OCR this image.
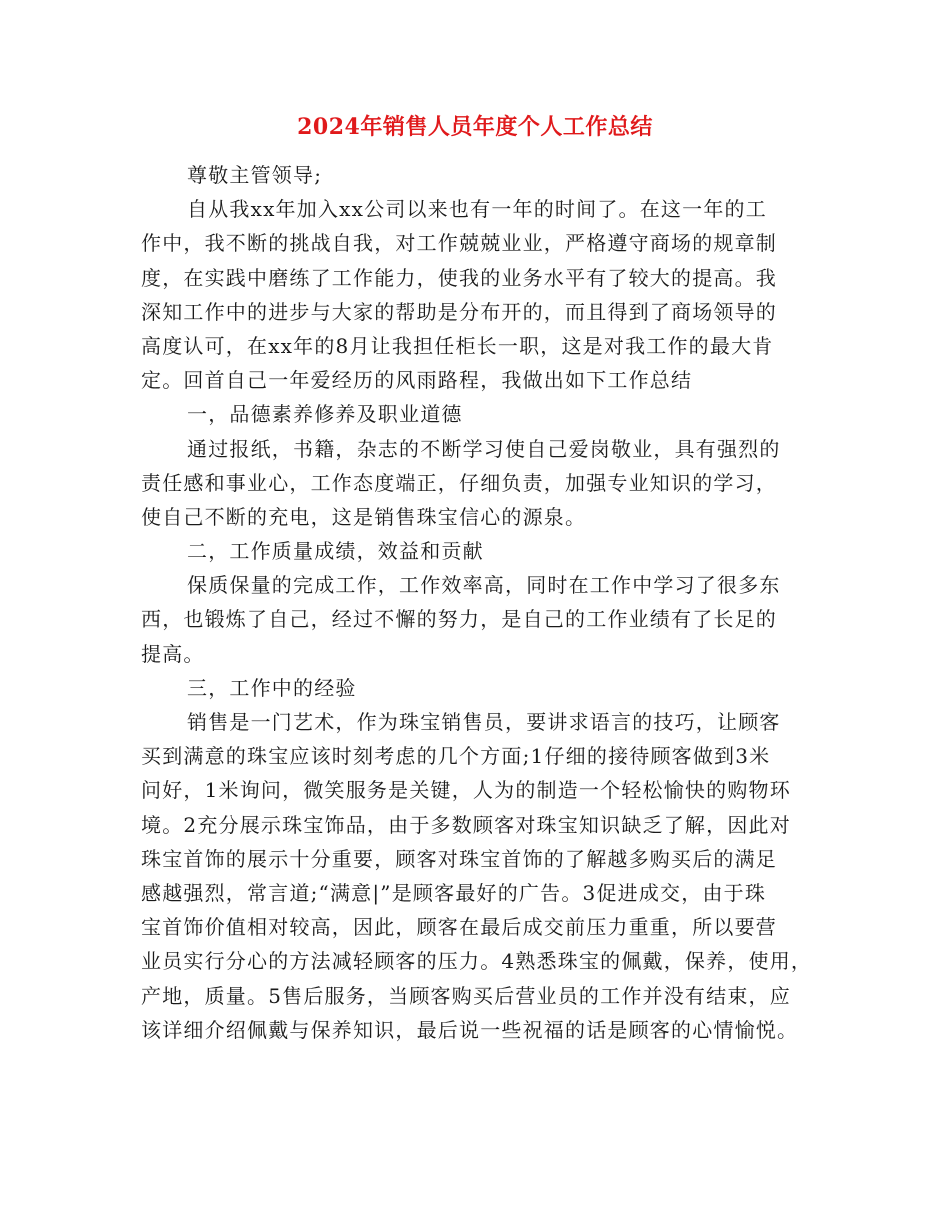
2024年销售人员年度个人工作总结
尊敬主管领导;
自从我xx年加入xx公司以来也有一年的时间了。在这一年的工
作中，我不断的挑战自我，对工作兢兢业业，严格遵守商场的规章制
度，在实践中磨练了工作能力，使我的业务水平有了较大的提高。我
深知工作中的进步与大家的帮助是分布开的，而且得到了商场领导的
高度认可，在xx年的8月让我担任柜长一职，这是对我工作的最大肯
定。回首自己一年爱经历的风雨路程，我做出如下工作总结
一，品德素养修养及职业道德
通过报纸，书籍，杂志的不断学习使自己爱岗敬业，具有强烈的
责任感和事业心，工作态度端正，仔细负责，加强专业知识的学习，
使自己不断的充电，这是销售珠宝信心的源泉。
二，工作质量成绩，效益和贡献
保质保量的完成工作，工作效率高，同时在工作中学习了很多东
西，也锻炼了自己，经过不懈的努力，是自己的工作业绩有了长足的
提高。
三，工作中的经验
销售是一门艺术，作为珠宝销售员，要讲求语言的技巧，让顾客
买到满意的珠宝应该时刻考虑的几个方面;1仔细的接待顾客做到3米
问好，1米询问，微笑服务是关键，人为的制造一个轻松愉快的购物环
境。2充分展示珠宝饰品，由于多数顾客对珠宝知识缺乏了解，因此对
珠宝首饰的展示十分重要，顾客对珠宝首饰的了解越多购买后的满足
感越强烈，常言道;“满意|”是顾客最好的广告。3促进成交，由于珠
宝首饰价值相对较高，因此，顾客在最后成交前压力重重，所以要营
业员实行分心的方法减轻顾客的压力。4熟悉珠宝的佩戴，保养，使用，
产地，质量。5售后服务，当顾客购买后营业员的工作并没有结束，应
该详细介绍佩戴与保养知识，最后说一些祝福的话是顾客的心情愉悦。
